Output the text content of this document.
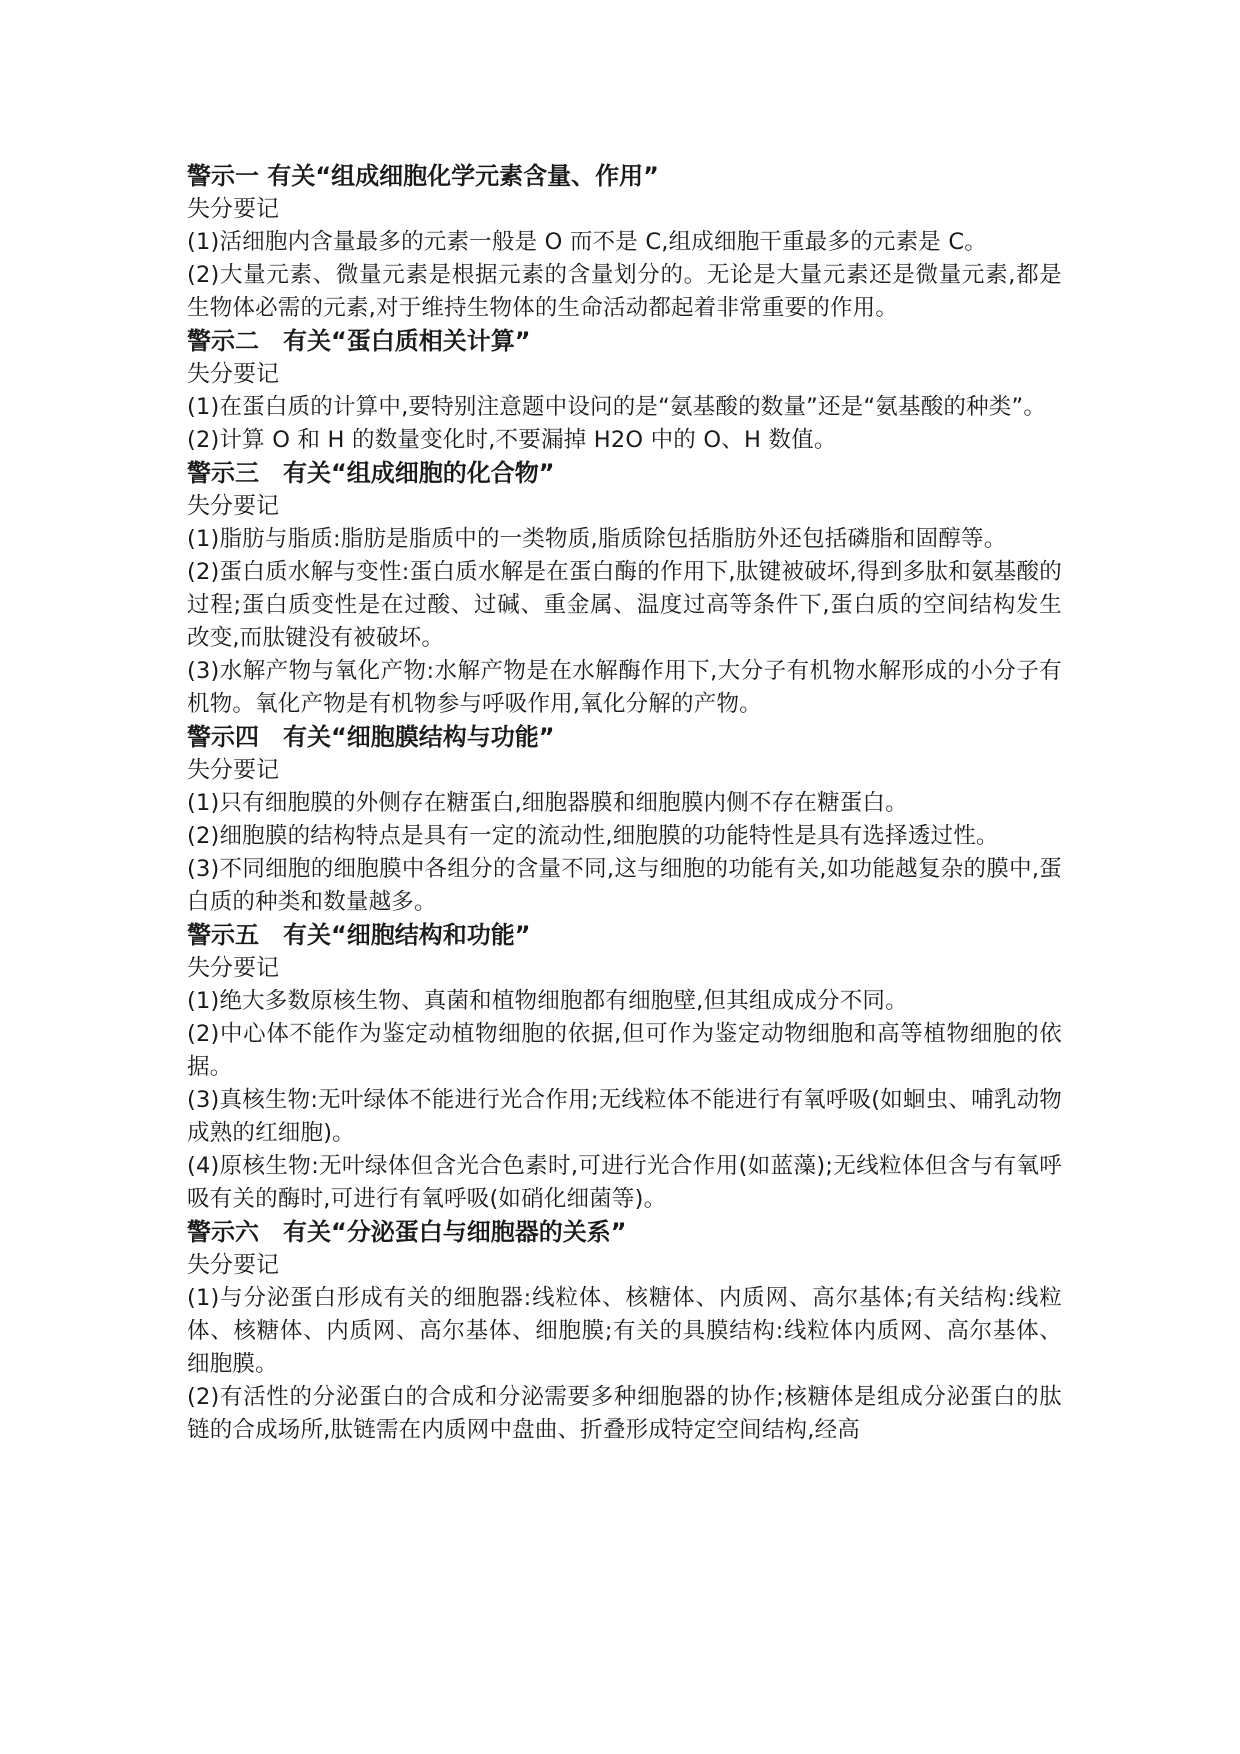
警示一 有关“组成细胞化学元素含量、作用”

失分要记

(1)活细胞内含量最多的元素一般是 O 而不是 C,组成细胞干重最多的元素是 C。

(2)大量元素、微量元素是根据元素的含量划分的。无论是大量元素还是微量元素,都是生物体必需的元素,对于维持生物体的生命活动都起着非常重要的作用。

警示二 有关“蛋白质相关计算”

失分要记

(1)在蛋白质的计算中,要特别注意题中设问的是“氨基酸的数量”还是“氨基酸的种类”。

(2)计算 O 和 H 的数量变化时,不要漏掉 H2O 中的 O、H 数值。

警示三 有关“组成细胞的化合物”

失分要记

(1)脂肪与脂质:脂肪是脂质中的一类物质,脂质除包括脂肪外还包括磷脂和固醇等。

(2)蛋白质水解与变性:蛋白质水解是在蛋白酶的作用下,肽键被破坏,得到多肽和氨基酸的过程;蛋白质变性是在过酸、过碱、重金属、温度过高等条件下,蛋白质的空间结构发生改变,而肽键没有被破坏。

(3)水解产物与氧化产物:水解产物是在水解酶作用下,大分子有机物水解形成的小分子有机物。氧化产物是有机物参与呼吸作用,氧化分解的产物。

警示四 有关“细胞膜结构与功能”

失分要记

(1)只有细胞膜的外侧存在糖蛋白,细胞器膜和细胞膜内侧不存在糖蛋白。

(2)细胞膜的结构特点是具有一定的流动性,细胞膜的功能特性是具有选择透过性。

(3)不同细胞的细胞膜中各组分的含量不同,这与细胞的功能有关,如功能越复杂的膜中,蛋白质的种类和数量越多。

警示五 有关“细胞结构和功能”

失分要记

(1)绝大多数原核生物、真菌和植物细胞都有细胞壁,但其组成成分不同。

(2)中心体不能作为鉴定动植物细胞的依据,但可作为鉴定动物细胞和高等植物细胞的依据。

(3)真核生物:无叶绿体不能进行光合作用;无线粒体不能进行有氧呼吸(如蛔虫、哺乳动物成熟的红细胞)。

(4)原核生物:无叶绿体但含光合色素时,可进行光合作用(如蓝藻);无线粒体但含与有氧呼吸有关的酶时,可进行有氧呼吸(如硝化细菌等)。

警示六 有关“分泌蛋白与细胞器的关系”

失分要记

(1)与分泌蛋白形成有关的细胞器:线粒体、核糖体、内质网、高尔基体;有关结构:线粒体、核糖体、内质网、高尔基体、细胞膜;有关的具膜结构:线粒体内质网、高尔基体、细胞膜。

(2)有活性的分泌蛋白的合成和分泌需要多种细胞器的协作;核糖体是组成分泌蛋白的肽链的合成场所,肽链需在内质网中盘曲、折叠形成特定空间结构,经高
